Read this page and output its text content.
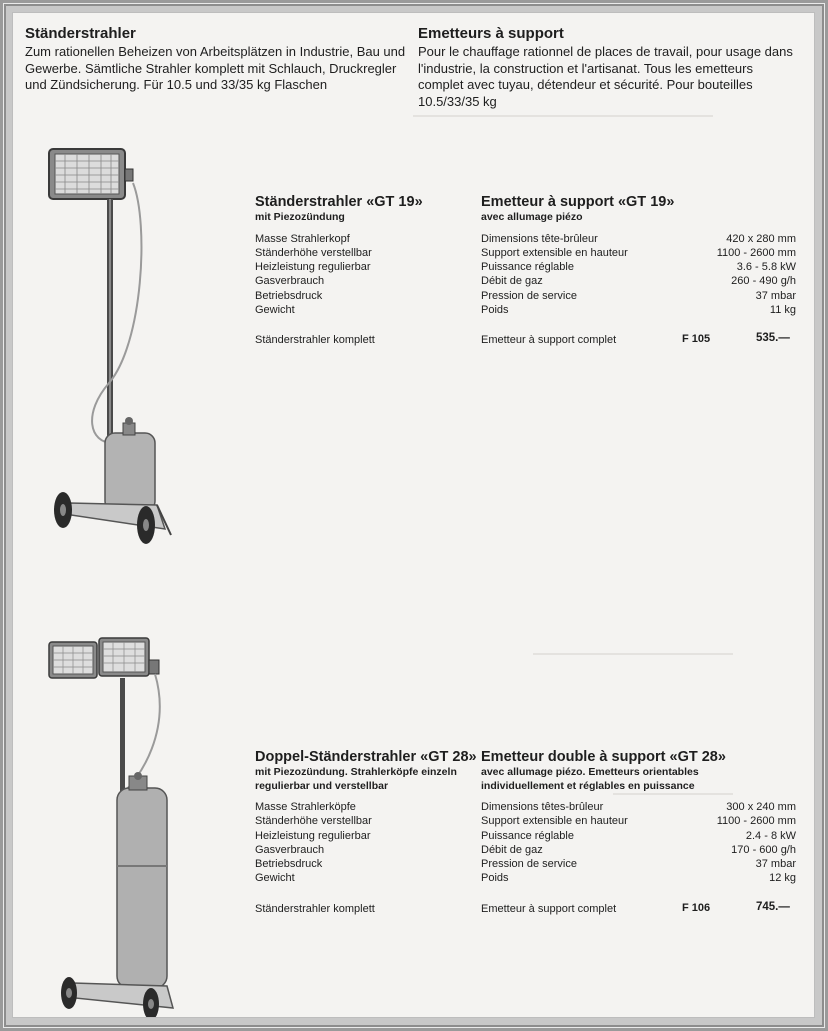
Ständerstrahler

Zum rationellen Beheizen von Arbeitsplätzen in Industrie, Bau und Gewerbe. Sämtliche Strahler komplett mit Schlauch, Druckregler und Zündsicherung. Für 10.5 und 33/35 kg Flaschen

Emetteurs à support

Pour le chauffage rationnel de places de travail, pour usage dans l'industrie, la construction et l'artisanat. Tous les emetteurs complet avec tuyau, détendeur et sécurité. Pour bouteilles 10.5/33/35 kg

Ständerstrahler «GT 19»
mit Piezozündung
Masse Strahlerkopf
Ständerhöhe verstellbar
Heizleistung regulierbar
Gasverbrauch
Betriebsdruck
Gewicht
Ständerstrahler komplett
Emetteur à support «GT 19»
avec allumage piézo
Dimensions tête-brûleur	420 x 280 mm
Support extensible en hauteur	1100 - 2600 mm
Puissance réglable	3.6 - 5.8 kW
Débit de gaz	260 - 490 g/h
Pression de service	37 mbar
Poids	11 kg
Emetteur à support complet	F 105	535.—
Doppel-Ständerstrahler «GT 28»
mit Piezozündung. Strahlerköpfe einzeln regulierbar und verstellbar
Masse Strahlerköpfe
Ständerhöhe verstellbar
Heizleistung regulierbar
Gasverbrauch
Betriebsdruck
Gewicht
Ständerstrahler komplett
Emetteur double à support «GT 28»
avec allumage piézo. Emetteurs orientables individuellement et réglables en puissance
Dimensions têtes-brûleur	300 x 240 mm
Support extensible en hauteur	1100 - 2600 mm
Puissance réglable	2.4 - 8 kW
Débit de gaz	170 - 600 g/h
Pression de service	37 mbar
Poids	12 kg
Emetteur à support complet	F 106	745.—
